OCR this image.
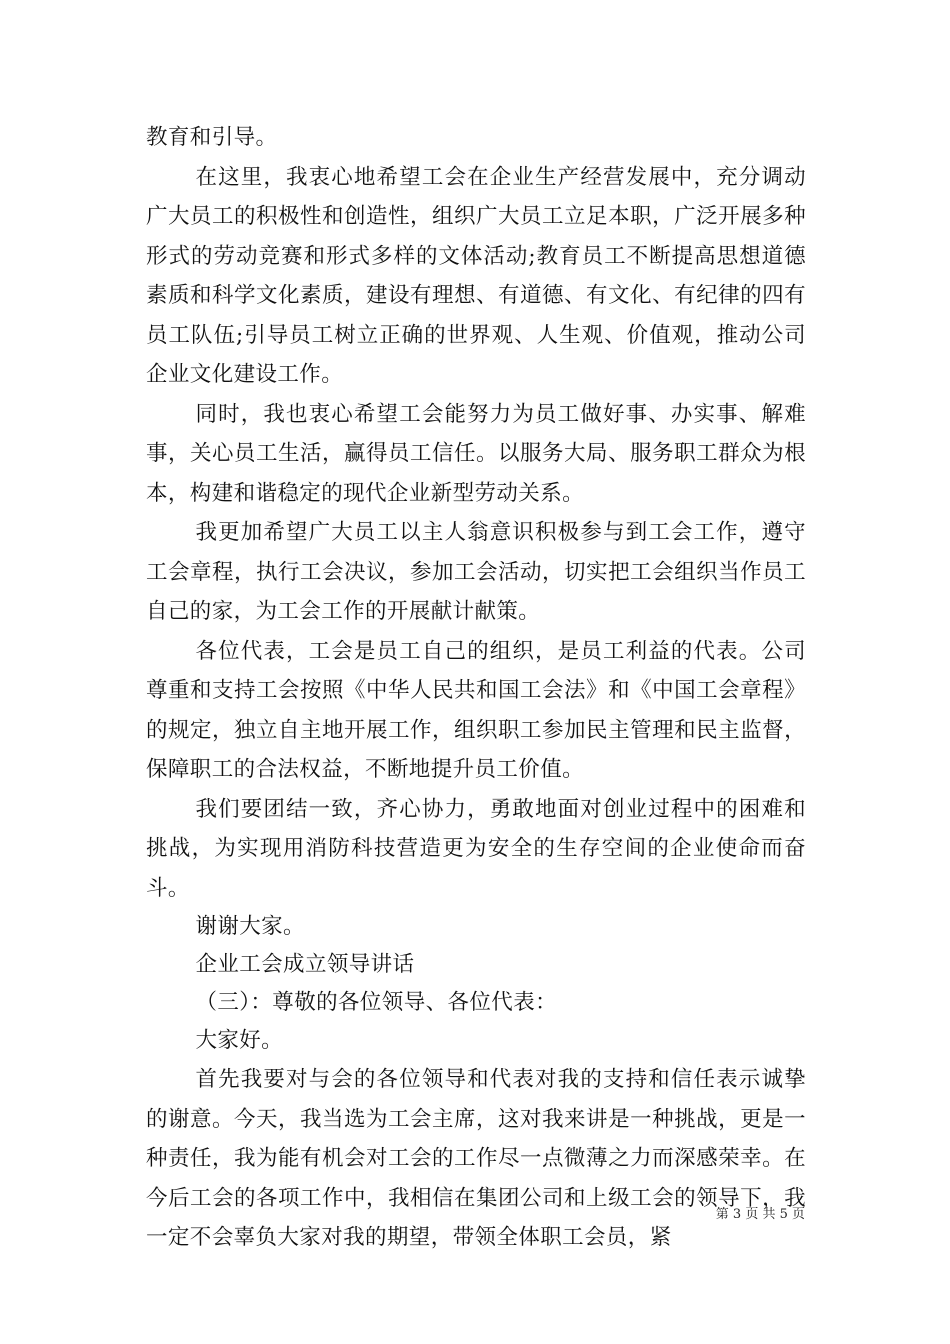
教育和引导。

在这里，我衷心地希望工会在企业生产经营发展中，充分调动广大员工的积极性和创造性，组织广大员工立足本职，广泛开展多种形式的劳动竞赛和形式多样的文体活动;教育员工不断提高思想道德素质和科学文化素质，建设有理想、有道德、有文化、有纪律的四有员工队伍;引导员工树立正确的世界观、人生观、价值观，推动公司企业文化建设工作。

同时，我也衷心希望工会能努力为员工做好事、办实事、解难事，关心员工生活，赢得员工信任。以服务大局、服务职工群众为根本，构建和谐稳定的现代企业新型劳动关系。

我更加希望广大员工以主人翁意识积极参与到工会工作，遵守工会章程，执行工会决议，参加工会活动，切实把工会组织当作员工自己的家，为工会工作的开展献计献策。

各位代表，工会是员工自己的组织，是员工利益的代表。公司尊重和支持工会按照《中华人民共和国工会法》和《中国工会章程》的规定，独立自主地开展工作，组织职工参加民主管理和民主监督，保障职工的合法权益，不断地提升员工价值。

我们要团结一致，齐心协力，勇敢地面对创业过程中的困难和挑战，为实现用消防科技营造更为安全的生存空间的企业使命而奋斗。

谢谢大家。

企业工会成立领导讲话

（三）：尊敬的各位领导、各位代表：

大家好。

首先我要对与会的各位领导和代表对我的支持和信任表示诚挚的谢意。今天，我当选为工会主席，这对我来讲是一种挑战，更是一种责任，我为能有机会对工会的工作尽一点微薄之力而深感荣幸。在今后工会的各项工作中，我相信在集团公司和上级工会的领导下，我一定不会辜负大家对我的期望，带领全体职工会员，紧

第 3 页 共 5 页
